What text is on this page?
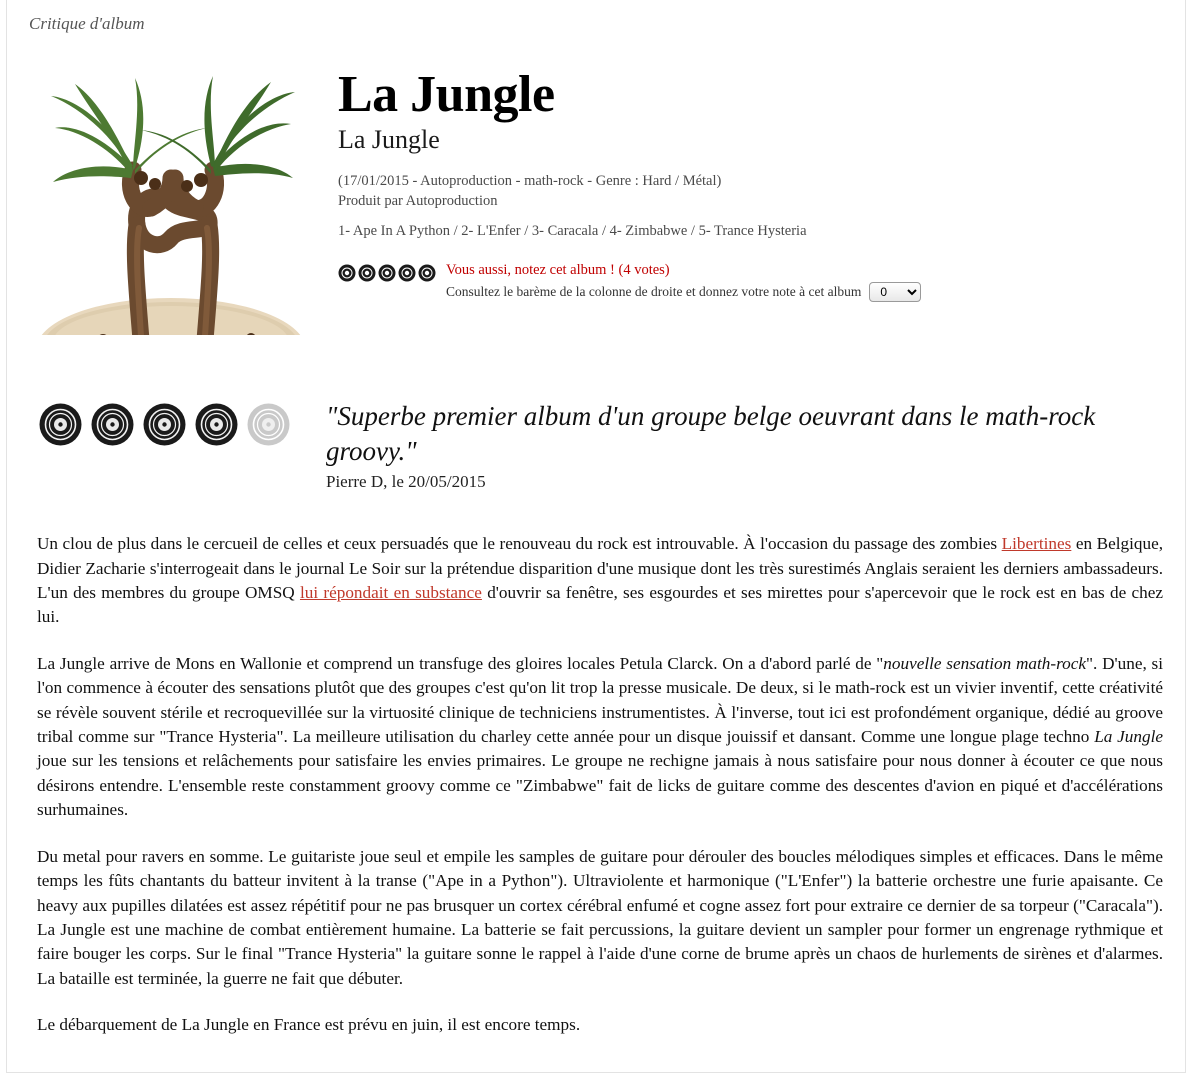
Critique d'album
La Jungle
La Jungle
(17/01/2015 - Autoproduction - math-rock - Genre : Hard / Métal)
Produit par Autoproduction
1- Ape In A Python / 2- L'Enfer / 3- Caracala / 4- Zimbabwe / 5- Trance Hysteria
Vous aussi, notez cet album ! (4 votes)
Consultez le barème de la colonne de droite et donnez votre note à cet album
0
"Superbe premier album d'un groupe belge oeuvrant dans le math-rock groovy."
Pierre D, le 20/05/2015

Un clou de plus dans le cercueil de celles et ceux persuadés que le renouveau du rock est introuvable. À l'occasion du passage des zombies Libertines en Belgique, Didier Zacharie s'interrogeait dans le journal Le Soir sur la prétendue disparition d'une musique dont les très surestimés Anglais seraient les derniers ambassadeurs. L'un des membres du groupe OMSQ lui répondait en substance d'ouvrir sa fenêtre, ses esgourdes et ses mirettes pour s'apercevoir que le rock est en bas de chez lui.

La Jungle arrive de Mons en Wallonie et comprend un transfuge des gloires locales Petula Clarck. On a d'abord parlé de "nouvelle sensation math-rock". D'une, si l'on commence à écouter des sensations plutôt que des groupes c'est qu'on lit trop la presse musicale. De deux, si le math-rock est un vivier inventif, cette créativité se révèle souvent stérile et recroquevillée sur la virtuosité clinique de techniciens instrumentistes. À l'inverse, tout ici est profondément organique, dédié au groove tribal comme sur "Trance Hysteria". La meilleure utilisation du charley cette année pour un disque jouissif et dansant. Comme une longue plage techno La Jungle joue sur les tensions et relâchements pour satisfaire les envies primaires. Le groupe ne rechigne jamais à nous satisfaire pour nous donner à écouter ce que nous désirons entendre. L'ensemble reste constamment groovy comme ce "Zimbabwe" fait de licks de guitare comme des descentes d'avion en piqué et d'accélérations surhumaines.

Du metal pour ravers en somme. Le guitariste joue seul et empile les samples de guitare pour dérouler des boucles mélodiques simples et efficaces. Dans le même temps les fûts chantants du batteur invitent à la transe ("Ape in a Python"). Ultraviolente et harmonique ("L'Enfer") la batterie orchestre une furie apaisante. Ce heavy aux pupilles dilatées est assez répétitif pour ne pas brusquer un cortex cérébral enfumé et cogne assez fort pour extraire ce dernier de sa torpeur ("Caracala"). La Jungle est une machine de combat entièrement humaine. La batterie se fait percussions, la guitare devient un sampler pour former un engrenage rythmique et faire bouger les corps. Sur le final "Trance Hysteria" la guitare sonne le rappel à l'aide d'une corne de brume après un chaos de hurlements de sirènes et d'alarmes. La bataille est terminée, la guerre ne fait que débuter.

Le débarquement de La Jungle en France est prévu en juin, il est encore temps.
